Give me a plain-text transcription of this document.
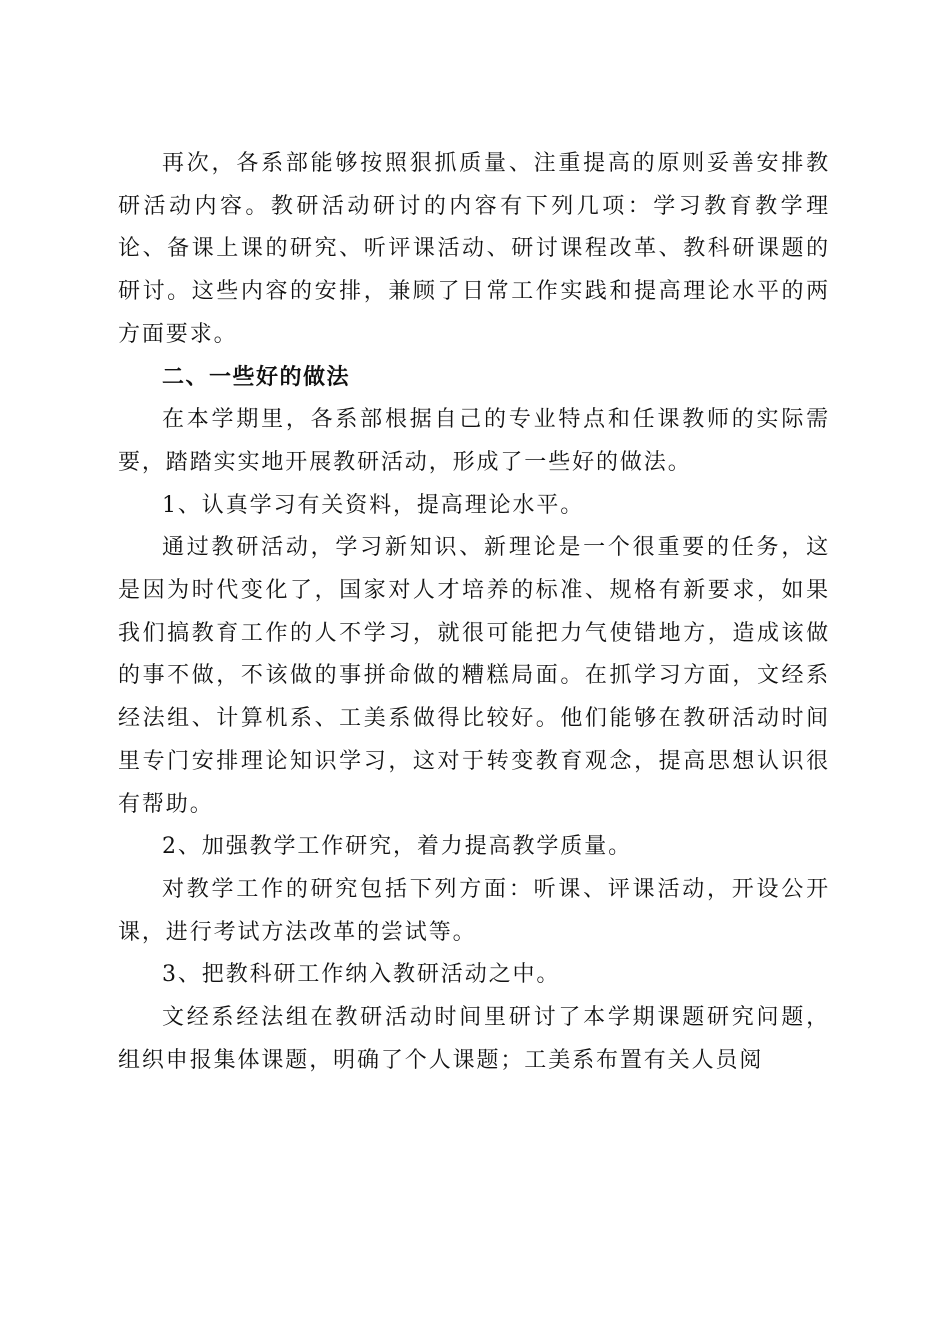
再次，各系部能够按照狠抓质量、注重提高的原则妥善安排教研活动内容。教研活动研讨的内容有下列几项：学习教育教学理论、备课上课的研究、听评课活动、研讨课程改革、教科研课题的研讨。这些内容的安排，兼顾了日常工作实践和提高理论水平的两方面要求。

二、一些好的做法

在本学期里，各系部根据自己的专业特点和任课教师的实际需要，踏踏实实地开展教研活动，形成了一些好的做法。

1、认真学习有关资料，提高理论水平。

通过教研活动，学习新知识、新理论是一个很重要的任务，这是因为时代变化了，国家对人才培养的标准、规格有新要求，如果我们搞教育工作的人不学习，就很可能把力气使错地方，造成该做的事不做，不该做的事拼命做的糟糕局面。在抓学习方面，文经系经法组、计算机系、工美系做得比较好。他们能够在教研活动时间里专门安排理论知识学习，这对于转变教育观念，提高思想认识很有帮助。

2、加强教学工作研究，着力提高教学质量。

对教学工作的研究包括下列方面：听课、评课活动，开设公开课，进行考试方法改革的尝试等。

3、把教科研工作纳入教研活动之中。

文经系经法组在教研活动时间里研讨了本学期课题研究问题，组织申报集体课题，明确了个人课题；工美系布置有关人员阅
